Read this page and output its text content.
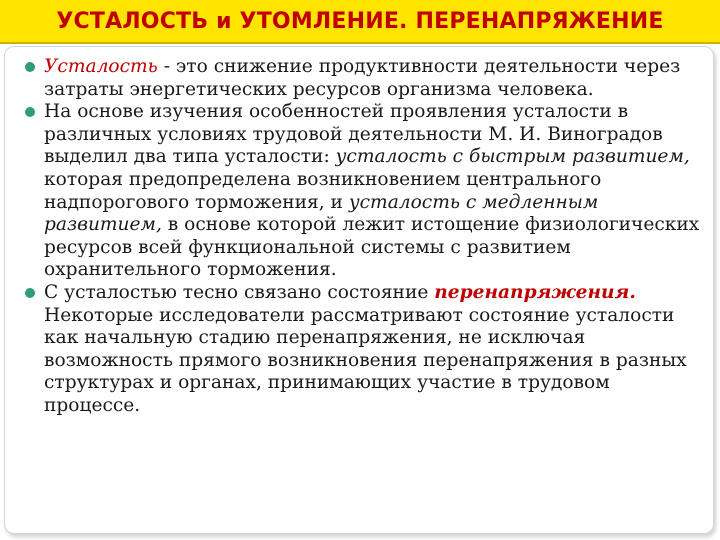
УСТАЛОСТЬ и УТОМЛЕНИЕ. ПЕРЕНАПРЯЖЕНИЕ
Усталость - это снижение продуктивности деятельности через затраты энергетических ресурсов организма человека.
На основе изучения особенностей проявления усталости в различных условиях трудовой деятельности М. И. Виноградов выделил два типа усталости: усталость с быстрым развитием, которая предопределена возникновением центрального надпорогового торможения, и усталость с медленным развитием, в основе которой лежит истощение физиологических ресурсов всей функциональной системы с развитием охранительного торможения.
С усталостью тесно связано состояние перенапряжения. Некоторые исследователи рассматривают состояние усталости как начальную стадию перенапряжения, не исключая возможность прямого возникновения перенапряжения в разных структурах и органах, принимающих участие в трудовом процессе.
